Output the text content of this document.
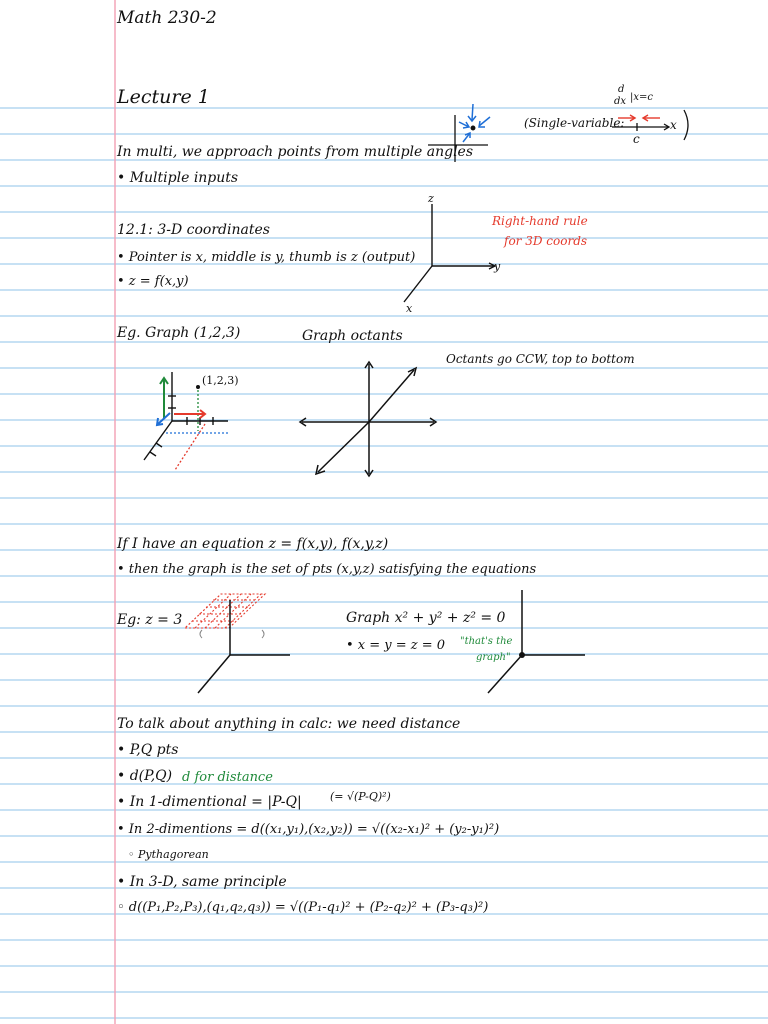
Math 230-2
Lecture 1
In multi, we approach points from multiple angles
• Multiple inputs
(Single-variable:
d
dx |x=c
x
c
12.1: 3-D coordinates
• Pointer is x, middle is y, thumb is z (output)
• z = f(x,y)
z
y
x
Right-hand rule
for 3D coords
Eg. Graph (1,2,3)
(1,2,3)
Graph octants
Octants go CCW, top to bottom
If I have an equation z = f(x,y), f(x,y,z)
• then the graph is the set of pts (x,y,z) satisfying the equations
Eg: z = 3	Graph x² + y² + z² = 0
• x = y = z = 0 "that's the
graph"
To talk about anything in calc: we need distance
• P,Q pts
• d(P,Q) d for distance
• In 1-dimentional = |P-Q|	(= √(P-Q)²)
• In 2-dimentions = d((x₁,y₁),(x₂,y₂)) = √((x₂-x₁)² + (y₂-y₁)²)
◦ Pythagorean
• In 3-D, same principle
◦ d((P₁,P₂,P₃),(q₁,q₂,q₃)) = √((P₁-q₁)² + (P₂-q₂)² + (P₃-q₃)²)
